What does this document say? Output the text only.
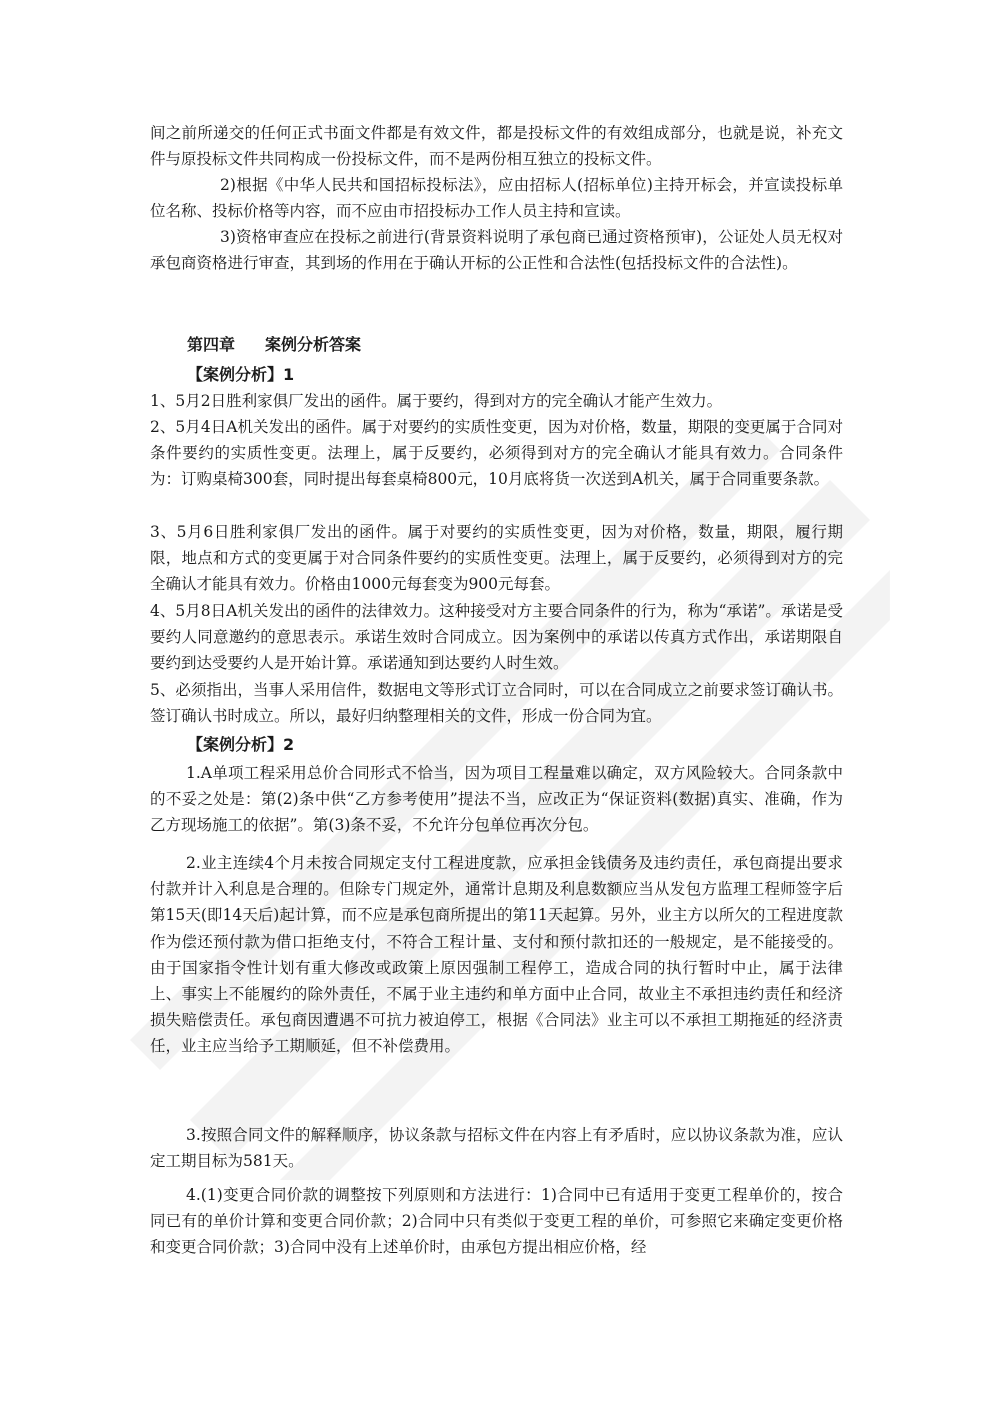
间之前所递交的任何正式书面文件都是有效文件，都是投标文件的有效组成部分，也就是说，补充文件与原投标文件共同构成一份投标文件，而不是两份相互独立的投标文件。

2)根据《中华人民共和国招标投标法》，应由招标人(招标单位)主持开标会，并宣读投标单位名称、投标价格等内容，而不应由市招投标办工作人员主持和宣读。

3)资格审查应在投标之前进行(背景资料说明了承包商已通过资格预审)，公证处人员无权对承包商资格进行审查，其到场的作用在于确认开标的公正性和合法性(包括投标文件的合法性)。

第四章 案例分析答案
【案例分析】1

1、5月2日胜利家俱厂发出的函件。属于要约，得到对方的完全确认才能产生效力。

2、5月4日A机关发出的函件。属于对要约的实质性变更，因为对价格，数量，期限的变更属于合同对条件要约的实质性变更。法理上，属于反要约，必须得到对方的完全确认才能具有效力。合同条件为：订购桌椅300套，同时提出每套桌椅800元，10月底将货一次送到A机关，属于合同重要条款。

3、5月6日胜利家俱厂发出的函件。属于对要约的实质性变更，因为对价格，数量，期限，履行期限，地点和方式的变更属于对合同条件要约的实质性变更。法理上，属于反要约，必须得到对方的完全确认才能具有效力。价格由1000元每套变为900元每套。

4、5月8日A机关发出的函件的法律效力。这种接受对方主要合同条件的行为，称为“承诺”。承诺是受要约人同意邀约的意思表示。承诺生效时合同成立。因为案例中的承诺以传真方式作出，承诺期限自要约到达受要约人是开始计算。承诺通知到达要约人时生效。

5、必须指出，当事人采用信件，数据电文等形式订立合同时，可以在合同成立之前要求签订确认书。签订确认书时成立。所以，最好归纳整理相关的文件，形成一份合同为宜。

【案例分析】2

1.A单项工程采用总价合同形式不恰当，因为项目工程量难以确定，双方风险较大。合同条款中的不妥之处是：第(2)条中供“乙方参考使用”提法不当，应改正为“保证资料(数据)真实、准确，作为乙方现场施工的依据”。第(3)条不妥，不允许分包单位再次分包。

2.业主连续4个月未按合同规定支付工程进度款，应承担金钱债务及违约责任，承包商提出要求付款并计入利息是合理的。但除专门规定外，通常计息期及利息数额应当从发包方监理工程师签字后第15天(即14天后)起计算，而不应是承包商所提出的第11天起算。另外，业主方以所欠的工程进度款作为偿还预付款为借口拒绝支付，不符合工程计量、支付和预付款扣还的一般规定，是不能接受的。由于国家指令性计划有重大修改或政策上原因强制工程停工，造成合同的执行暂时中止，属于法律上、事实上不能履约的除外责任，不属于业主违约和单方面中止合同，故业主不承担违约责任和经济损失赔偿责任。承包商因遭遇不可抗力被迫停工，根据《合同法》业主可以不承担工期拖延的经济责任，业主应当给予工期顺延，但不补偿费用。

3.按照合同文件的解释顺序，协议条款与招标文件在内容上有矛盾时，应以协议条款为准，应认定工期目标为581天。

4.(1)变更合同价款的调整按下列原则和方法进行：1)合同中已有适用于变更工程单价的，按合同已有的单价计算和变更合同价款；2)合同中只有类似于变更工程的单价，可参照它来确定变更价格和变更合同价款；3)合同中没有上述单价时，由承包方提出相应价格，经
